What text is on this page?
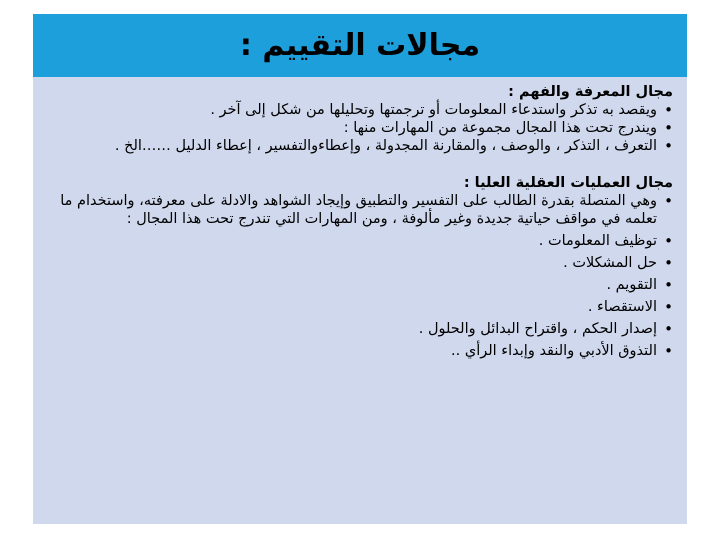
مجالات التقييم :

مجال المعرفة والفهم :

• ويقصد به تذكر واستدعاء المعلومات أو ترجمتها وتحليلها من شكل إلى آخر .
• ويندرج تحت هذا المجال مجموعة من المهارات منها :
• التعرف ، التذكر ، والوصف ، والمقارنة المجدولة ، وإعطاءوالتفسير ، إعطاء الدليل ……الخ .

مجال العمليات العقلية العليا :

• وهي المتصلة بقدرة الطالب على التفسير والتطبيق وإيجاد الشواهد والادلة على معرفته، واستخدام ما تعلمه في مواقف حياتية جديدة وغير مألوفة ، ومن المهارات التي تندرج تحت هذا المجال :
• توظيف المعلومات .
• حل المشكلات .
• التقويم .
• الاستقصاء .
• إصدار الحكم ، واقتراح البدائل والحلول .
• التذوق الأدبي والنقد وإبداء الرأي ..
